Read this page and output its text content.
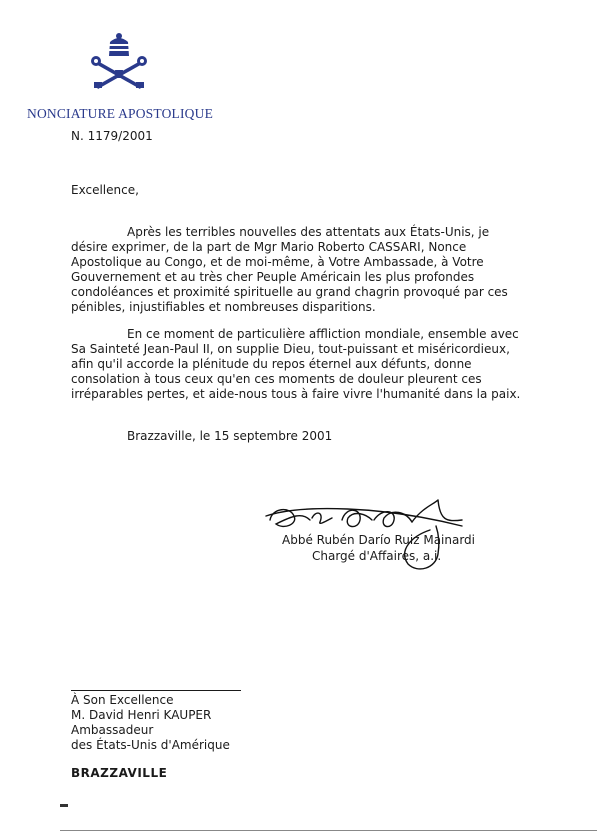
NONCIATURE APOSTOLIQUE
N. 1179/2001
Excellence,

Après les terribles nouvelles des attentats aux États-Unis, je
désire exprimer, de la part de Mgr Mario Roberto CASSARI, Nonce
Apostolique au Congo, et de moi-même, à Votre Ambassade, à Votre
Gouvernement et au très cher Peuple Américain les plus profondes
condoléances et proximité spirituelle au grand chagrin provoqué par ces
pénibles, injustifiables et nombreuses disparitions.

En ce moment de particulière affliction mondiale, ensemble avec
Sa Sainteté Jean-Paul II, on supplie Dieu, tout-puissant et miséricordieux,
afin qu'il accorde la plénitude du repos éternel aux défunts, donne
consolation à tous ceux qu'en ces moments de douleur pleurent ces
irréparables pertes, et aide-nous tous à faire vivre l'humanité dans la paix.

Brazzaville, le 15 septembre 2001
Abbé Rubén Darío Ruiz Mainardi
Chargé d'Affaires, a.i.
À Son Excellence
M. David Henri KAUPER
Ambassadeur
des États-Unis d'Amérique
BRAZZAVILLE
